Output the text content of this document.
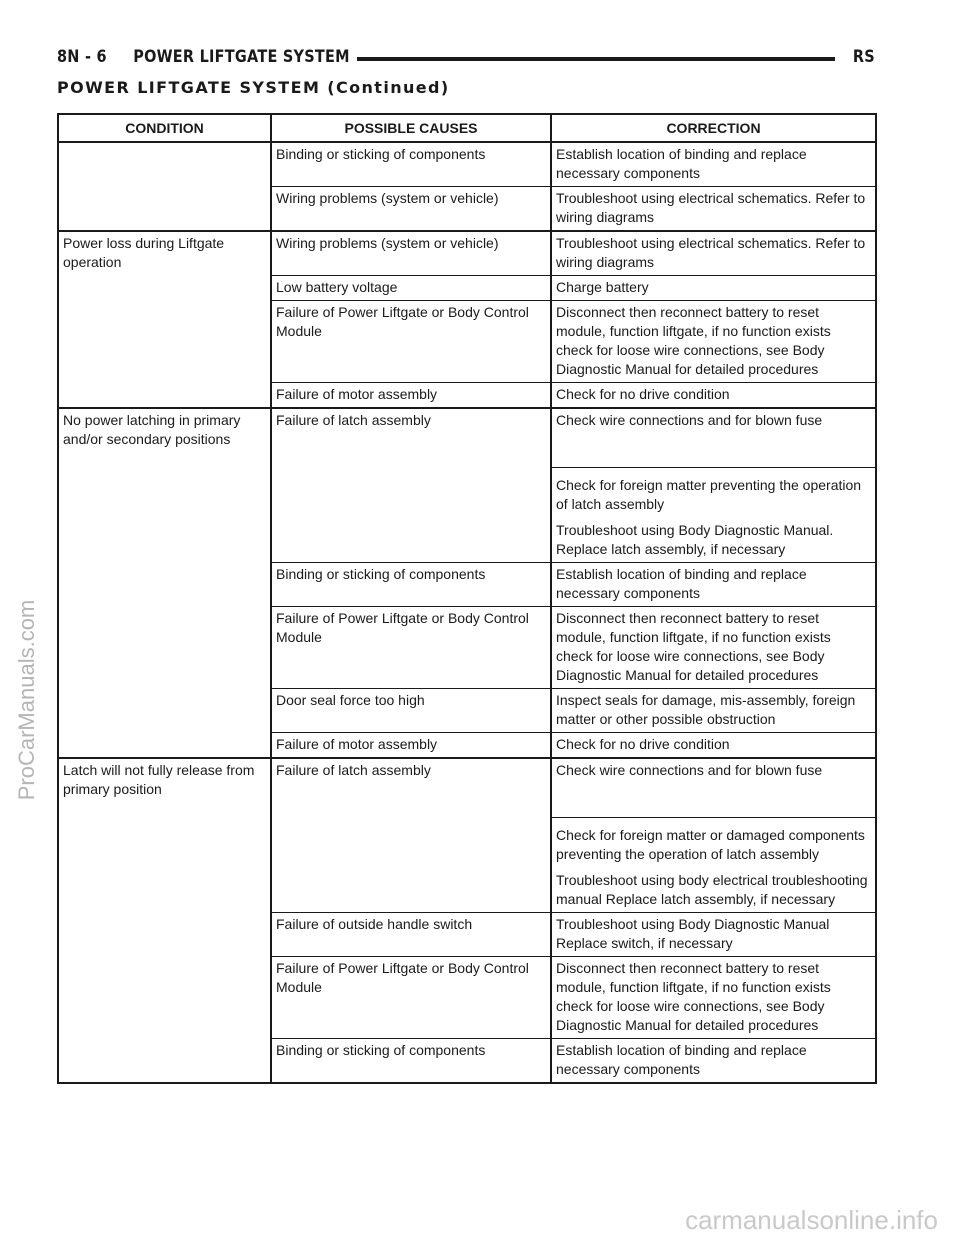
8N - 6     POWER LIFTGATE SYSTEM	RS
POWER LIFTGATE SYSTEM (Continued)
CONDITION	POSSIBLE CAUSES	CORRECTION
	Binding or sticking of components	Establish location of binding and replace necessary components
	Wiring problems (system or vehicle)	Troubleshoot using electrical schematics. Refer to wiring diagrams
Power loss during Liftgate operation	Wiring problems (system or vehicle)	Troubleshoot using electrical schematics. Refer to wiring diagrams
	Low battery voltage	Charge battery
	Failure of Power Liftgate or Body Control Module	Disconnect then reconnect battery to reset module, function liftgate, if no function exists check for loose wire connections, see Body Diagnostic Manual for detailed procedures
	Failure of motor assembly	Check for no drive condition
No power latching in primary and/or secondary positions	Failure of latch assembly	Check wire connections and for blown fuse
		Check for foreign matter preventing the operation of latch assembly
		Troubleshoot using Body Diagnostic Manual. Replace latch assembly, if necessary
	Binding or sticking of components	Establish location of binding and replace necessary components
	Failure of Power Liftgate or Body Control Module	Disconnect then reconnect battery to reset module, function liftgate, if no function exists check for loose wire connections, see Body Diagnostic Manual for detailed procedures
	Door seal force too high	Inspect seals for damage, mis-assembly, foreign matter or other possible obstruction
	Failure of motor assembly	Check for no drive condition
Latch will not fully release from primary position	Failure of latch assembly	Check wire connections and for blown fuse
		Check for foreign matter or damaged components preventing the operation of latch assembly
		Troubleshoot using body electrical troubleshooting manual Replace latch assembly, if necessary
	Failure of outside handle switch	Troubleshoot using Body Diagnostic Manual Replace switch, if necessary
	Failure of Power Liftgate or Body Control Module	Disconnect then reconnect battery to reset module, function liftgate, if no function exists check for loose wire connections, see Body Diagnostic Manual for detailed procedures
	Binding or sticking of components	Establish location of binding and replace necessary components
ProCarManuals.com
carmanualsonline.info
